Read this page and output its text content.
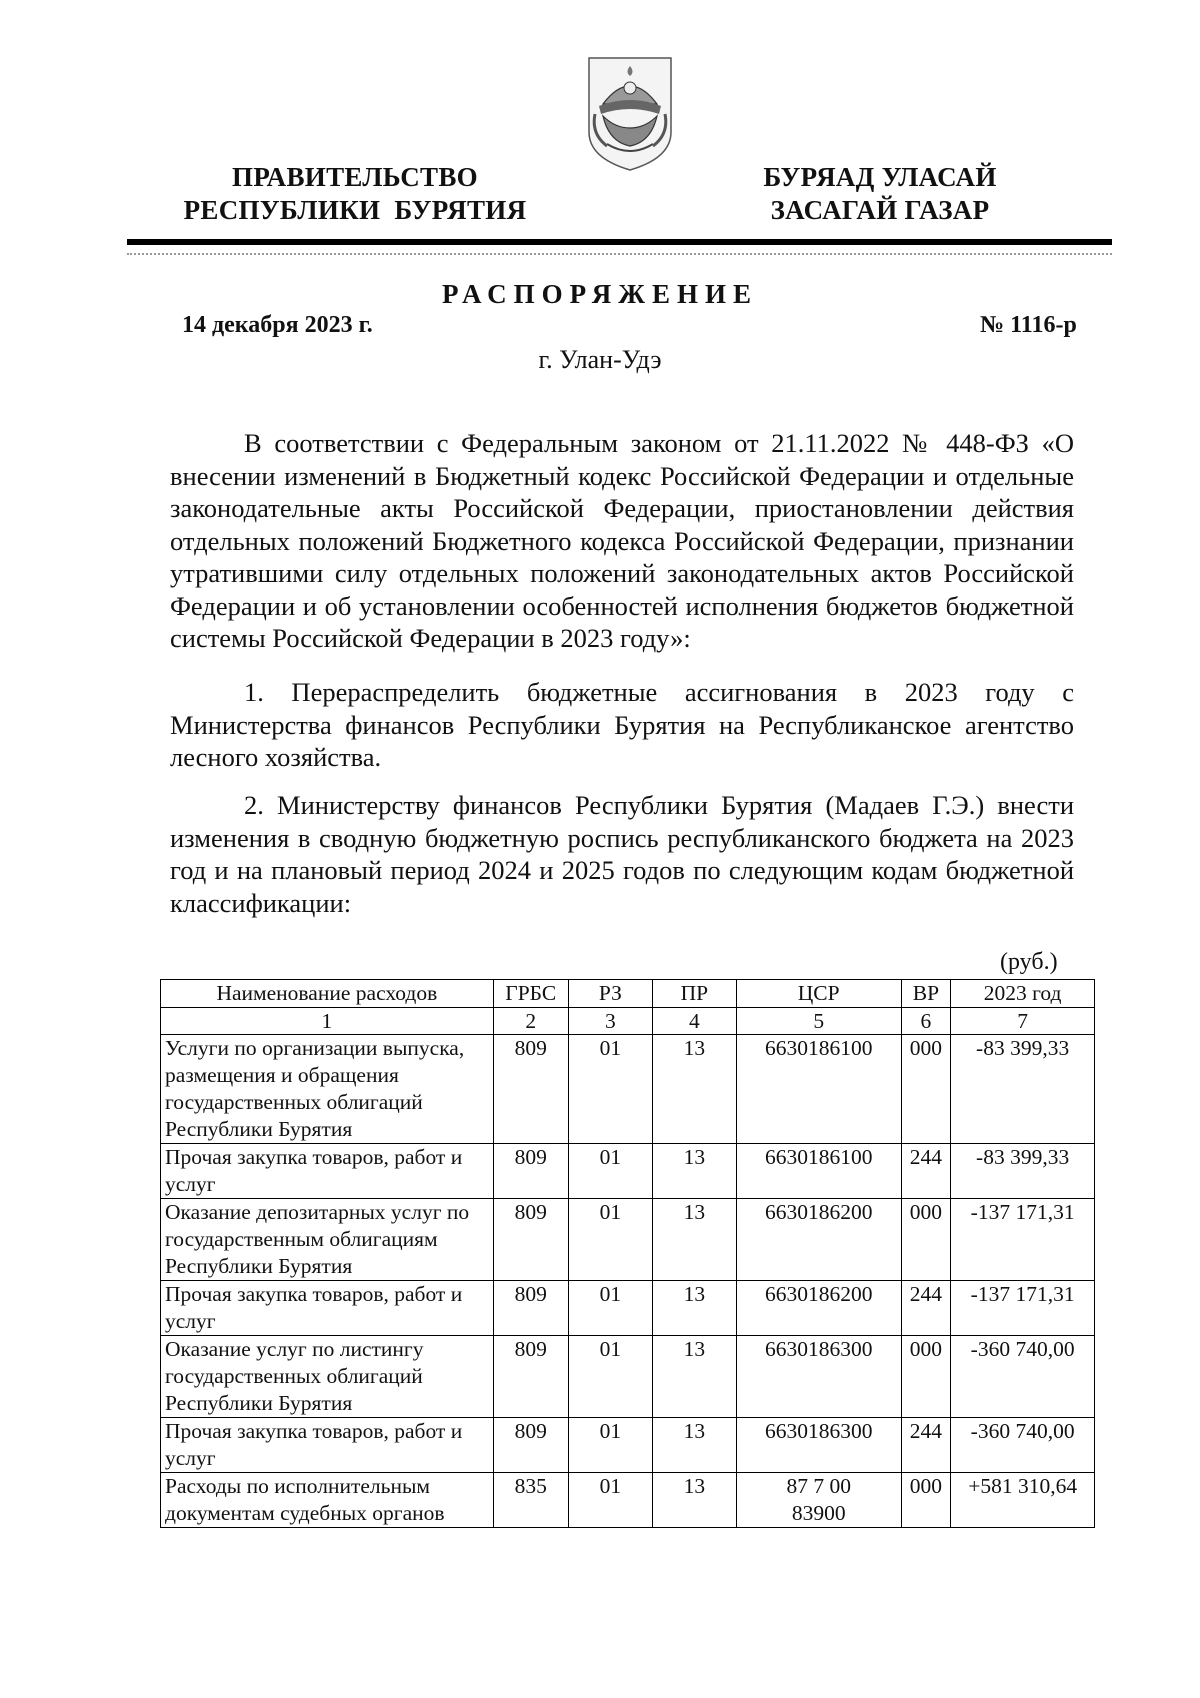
ПРАВИТЕЛЬСТВО
РЕСПУБЛИКИ  БУРЯТИЯ
БУРЯАД УЛАСАЙ
ЗАСАГАЙ ГАЗАР
РАСПОРЯЖЕНИЕ
14 декабря 2023 г.	№ 1116-р
г. Улан-Удэ

В соответствии с Федеральным законом от 21.11.2022 № 448-ФЗ «О внесении изменений в Бюджетный кодекс Российской Федерации и отдельные законодательные акты Российской Федерации, приостановлении действия отдельных положений Бюджетного кодекса Российской Федерации, признании утратившими силу отдельных положений законодательных актов Российской Федерации и об установлении особенностей исполнения бюджетов бюджетной системы Российской Федерации в 2023 году»:

1. Перераспределить бюджетные ассигнования в 2023 году с Министерства финансов Республики Бурятия на Республиканское агентство лесного хозяйства.

2. Министерству финансов Республики Бурятия (Мадаев Г.Э.) внести изменения в сводную бюджетную роспись республиканского бюджета на 2023 год и на плановый период 2024 и 2025 годов по следующим кодам бюджетной классификации:

(руб.)
Наименование расходов	ГРБС	РЗ	ПР	ЦСР	ВР	2023 год
1	2	3	4	5	6	7
Услуги по организации выпуска, размещения и обращения государственных облигаций Республики Бурятия	809	01	13	6630186100	000	-83 399,33
Прочая закупка товаров, работ и услуг	809	01	13	6630186100	244	-83 399,33
Оказание депозитарных услуг по государственным облигациям Республики Бурятия	809	01	13	6630186200	000	-137 171,31
Прочая закупка товаров, работ и услуг	809	01	13	6630186200	244	-137 171,31
Оказание услуг по листингу государственных облигаций Республики Бурятия	809	01	13	6630186300	000	-360 740,00
Прочая закупка товаров, работ и услуг	809	01	13	6630186300	244	-360 740,00
Расходы по исполнительным документам судебных органов	835	01	13	87 7 00 83900	000	+581 310,64
